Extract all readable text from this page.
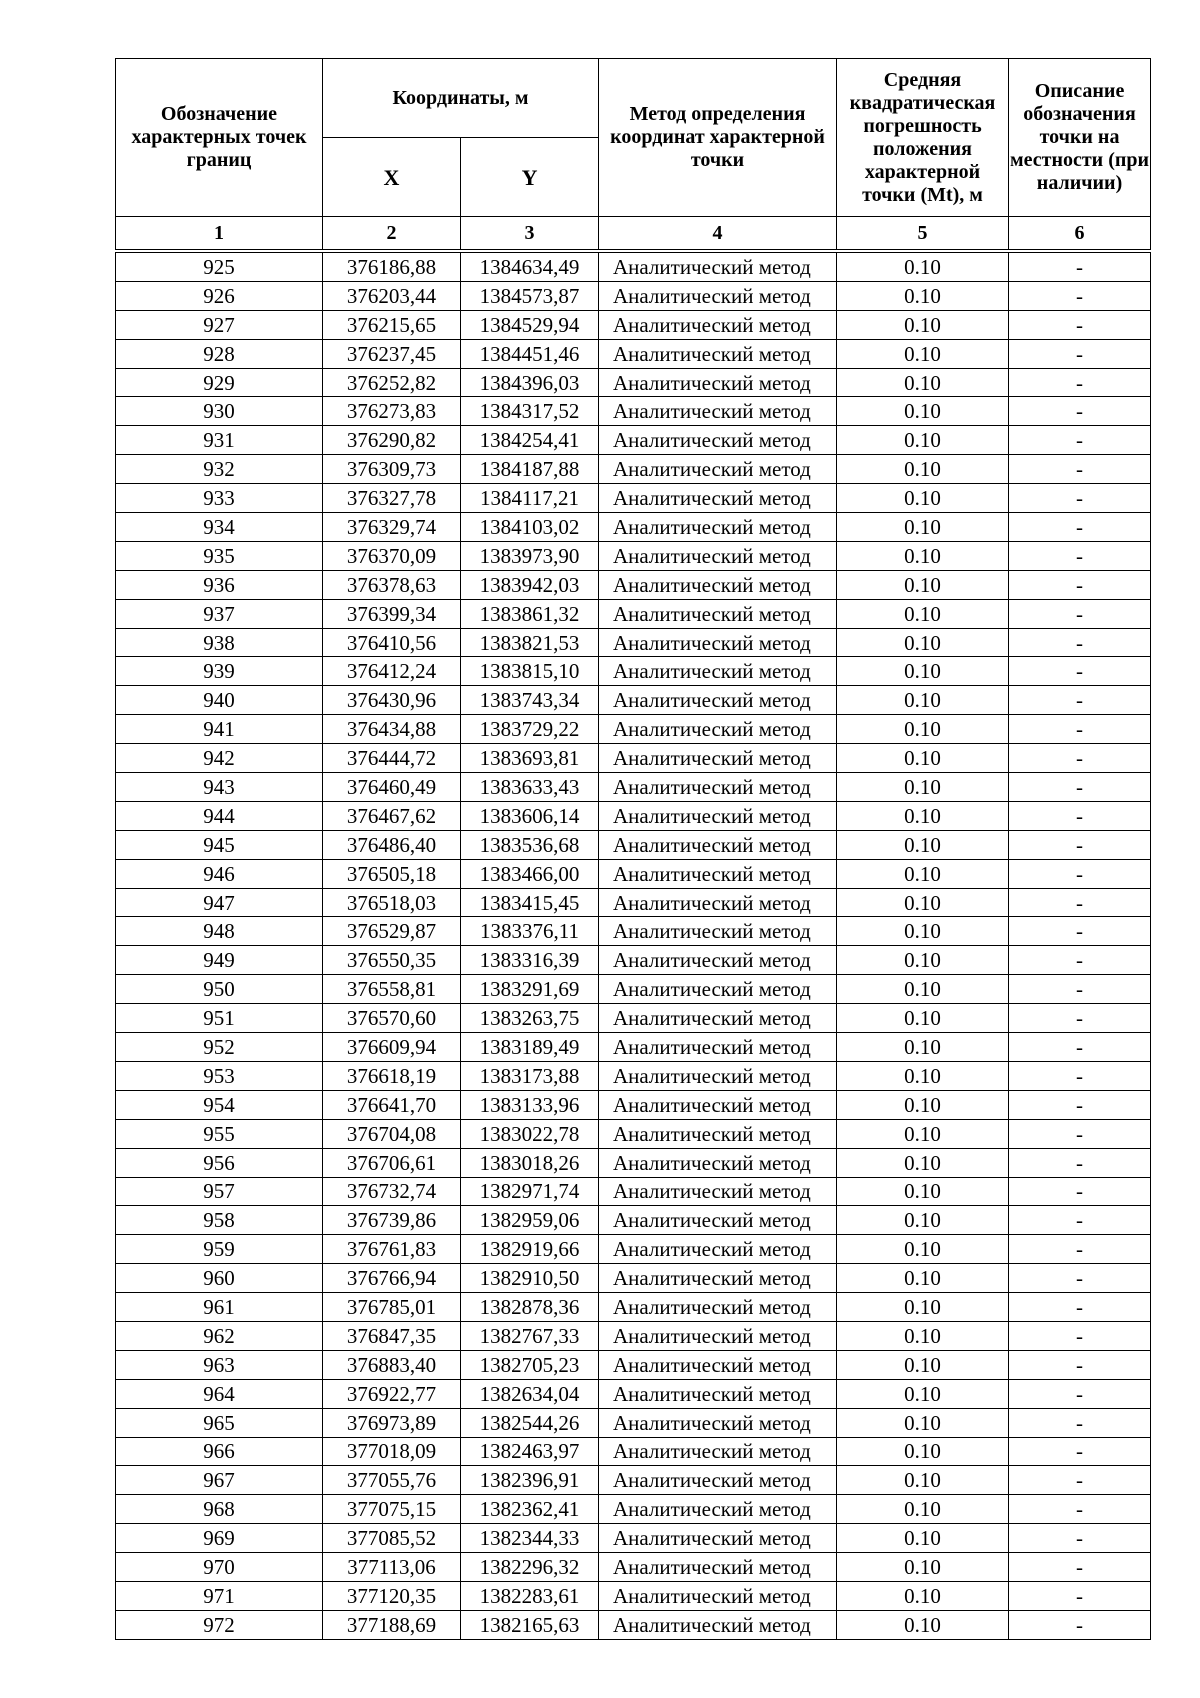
Обозначение характерных точек границ	Координаты, м		Метод определения координат характерной точки	Средняя квадратическая погрешность положения характерной точки (Mt), м	Описание обозначения точки на местности (при наличии)
	X	Y			
1	2	3	4	5	6

925	376186,88	1384634,49	Аналитический метод	0.10	-
926	376203,44	1384573,87	Аналитический метод	0.10	-
927	376215,65	1384529,94	Аналитический метод	0.10	-
928	376237,45	1384451,46	Аналитический метод	0.10	-
929	376252,82	1384396,03	Аналитический метод	0.10	-
930	376273,83	1384317,52	Аналитический метод	0.10	-
931	376290,82	1384254,41	Аналитический метод	0.10	-
932	376309,73	1384187,88	Аналитический метод	0.10	-
933	376327,78	1384117,21	Аналитический метод	0.10	-
934	376329,74	1384103,02	Аналитический метод	0.10	-
935	376370,09	1383973,90	Аналитический метод	0.10	-
936	376378,63	1383942,03	Аналитический метод	0.10	-
937	376399,34	1383861,32	Аналитический метод	0.10	-
938	376410,56	1383821,53	Аналитический метод	0.10	-
939	376412,24	1383815,10	Аналитический метод	0.10	-
940	376430,96	1383743,34	Аналитический метод	0.10	-
941	376434,88	1383729,22	Аналитический метод	0.10	-
942	376444,72	1383693,81	Аналитический метод	0.10	-
943	376460,49	1383633,43	Аналитический метод	0.10	-
944	376467,62	1383606,14	Аналитический метод	0.10	-
945	376486,40	1383536,68	Аналитический метод	0.10	-
946	376505,18	1383466,00	Аналитический метод	0.10	-
947	376518,03	1383415,45	Аналитический метод	0.10	-
948	376529,87	1383376,11	Аналитический метод	0.10	-
949	376550,35	1383316,39	Аналитический метод	0.10	-
950	376558,81	1383291,69	Аналитический метод	0.10	-
951	376570,60	1383263,75	Аналитический метод	0.10	-
952	376609,94	1383189,49	Аналитический метод	0.10	-
953	376618,19	1383173,88	Аналитический метод	0.10	-
954	376641,70	1383133,96	Аналитический метод	0.10	-
955	376704,08	1383022,78	Аналитический метод	0.10	-
956	376706,61	1383018,26	Аналитический метод	0.10	-
957	376732,74	1382971,74	Аналитический метод	0.10	-
958	376739,86	1382959,06	Аналитический метод	0.10	-
959	376761,83	1382919,66	Аналитический метод	0.10	-
960	376766,94	1382910,50	Аналитический метод	0.10	-
961	376785,01	1382878,36	Аналитический метод	0.10	-
962	376847,35	1382767,33	Аналитический метод	0.10	-
963	376883,40	1382705,23	Аналитический метод	0.10	-
964	376922,77	1382634,04	Аналитический метод	0.10	-
965	376973,89	1382544,26	Аналитический метод	0.10	-
966	377018,09	1382463,97	Аналитический метод	0.10	-
967	377055,76	1382396,91	Аналитический метод	0.10	-
968	377075,15	1382362,41	Аналитический метод	0.10	-
969	377085,52	1382344,33	Аналитический метод	0.10	-
970	377113,06	1382296,32	Аналитический метод	0.10	-
971	377120,35	1382283,61	Аналитический метод	0.10	-
972	377188,69	1382165,63	Аналитический метод	0.10	-
